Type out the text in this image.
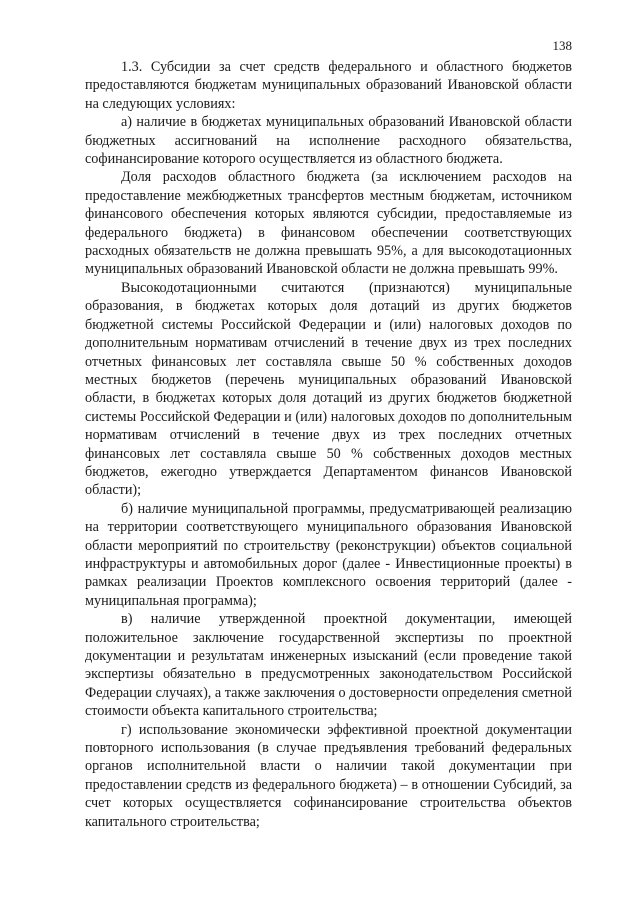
138

1.3. Субсидии за счет средств федерального и областного бюджетов предоставляются бюджетам муниципальных образований Ивановской области на следующих условиях:

а) наличие в бюджетах муниципальных образований Ивановской области бюджетных ассигнований на исполнение расходного обязательства, софинансирование которого осуществляется из областного бюджета.

Доля расходов областного бюджета (за исключением расходов на предоставление межбюджетных трансфертов местным бюджетам, источником финансового обеспечения которых являются субсидии, предоставляемые из федерального бюджета) в финансовом обеспечении соответствующих расходных обязательств не должна превышать 95%, а для высокодотационных муниципальных образований Ивановской области не должна превышать 99%.

Высокодотационными считаются (признаются) муниципальные образования, в бюджетах которых доля дотаций из других бюджетов бюджетной системы Российской Федерации и (или) налоговых доходов по дополнительным нормативам отчислений в течение двух из трех последних отчетных финансовых лет составляла свыше 50 % собственных доходов местных бюджетов (перечень муниципальных образований Ивановской области, в бюджетах которых доля дотаций из других бюджетов бюджетной системы Российской Федерации и (или) налоговых доходов по дополнительным нормативам отчислений в течение двух из трех последних отчетных финансовых лет составляла свыше 50 % собственных доходов местных бюджетов, ежегодно утверждается Департаментом финансов Ивановской области);

б) наличие муниципальной программы, предусматривающей реализацию на территории соответствующего муниципального образования Ивановской области мероприятий по строительству (реконструкции) объектов социальной инфраструктуры и автомобильных дорог (далее - Инвестиционные проекты) в рамках реализации Проектов комплексного освоения территорий (далее - муниципальная программа);

в) наличие утвержденной проектной документации, имеющей положительное заключение государственной экспертизы по проектной документации и результатам инженерных изысканий (если проведение такой экспертизы обязательно в предусмотренных законодательством Российской Федерации случаях), а также заключения о достоверности определения сметной стоимости объекта капитального строительства;

г) использование экономически эффективной проектной документации повторного использования (в случае предъявления требований федеральных органов исполнительной власти о наличии такой документации при предоставлении средств из федерального бюджета) – в отношении Субсидий, за счет которых осуществляется софинансирование строительства объектов капитального строительства;
